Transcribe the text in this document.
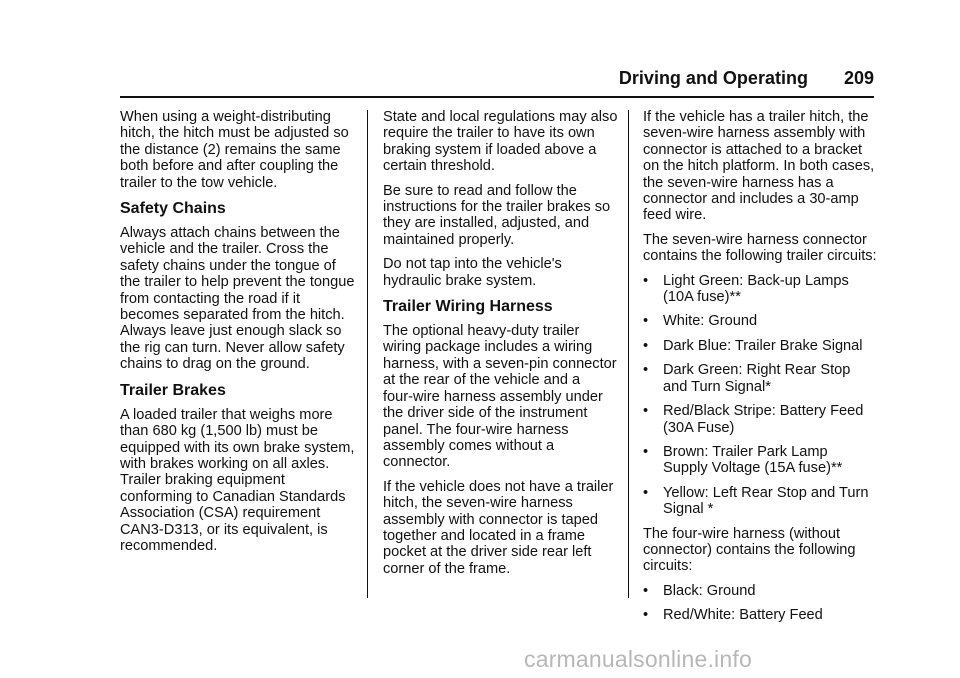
Driving and Operating 209

When using a weight-distributing
hitch, the hitch must be adjusted so
the distance (2) remains the same
both before and after coupling the
trailer to the tow vehicle.

Safety Chains

Always attach chains between the
vehicle and the trailer. Cross the
safety chains under the tongue of
the trailer to help prevent the tongue
from contacting the road if it
becomes separated from the hitch.
Always leave just enough slack so
the rig can turn. Never allow safety
chains to drag on the ground.

Trailer Brakes

A loaded trailer that weighs more
than 680 kg (1,500 lb) must be
equipped with its own brake system,
with brakes working on all axles.
Trailer braking equipment
conforming to Canadian Standards
Association (CSA) requirement
CAN3-D313, or its equivalent, is
recommended.

State and local regulations may also
require the trailer to have its own
braking system if loaded above a
certain threshold.

Be sure to read and follow the
instructions for the trailer brakes so
they are installed, adjusted, and
maintained properly.

Do not tap into the vehicle's
hydraulic brake system.

Trailer Wiring Harness

The optional heavy-duty trailer
wiring package includes a wiring
harness, with a seven-pin connector
at the rear of the vehicle and a
four-wire harness assembly under
the driver side of the instrument
panel. The four-wire harness
assembly comes without a
connector.

If the vehicle does not have a trailer
hitch, the seven-wire harness
assembly with connector is taped
together and located in a frame
pocket at the driver side rear left
corner of the frame.

If the vehicle has a trailer hitch, the
seven-wire harness assembly with
connector is attached to a bracket
on the hitch platform. In both cases,
the seven-wire harness has a
connector and includes a 30-amp
feed wire.

The seven-wire harness connector
contains the following trailer circuits:

•	Light Green: Back-up Lamps
(10A fuse)**
•	White: Ground
•	Dark Blue: Trailer Brake Signal
•	Dark Green: Right Rear Stop
and Turn Signal*
•	Red/Black Stripe: Battery Feed
(30A Fuse)
•	Brown: Trailer Park Lamp
Supply Voltage (15A fuse)**
•	Yellow: Left Rear Stop and Turn
Signal *

The four-wire harness (without
connector) contains the following
circuits:

•	Black: Ground
•	Red/White: Battery Feed
carmanualsonline.info
